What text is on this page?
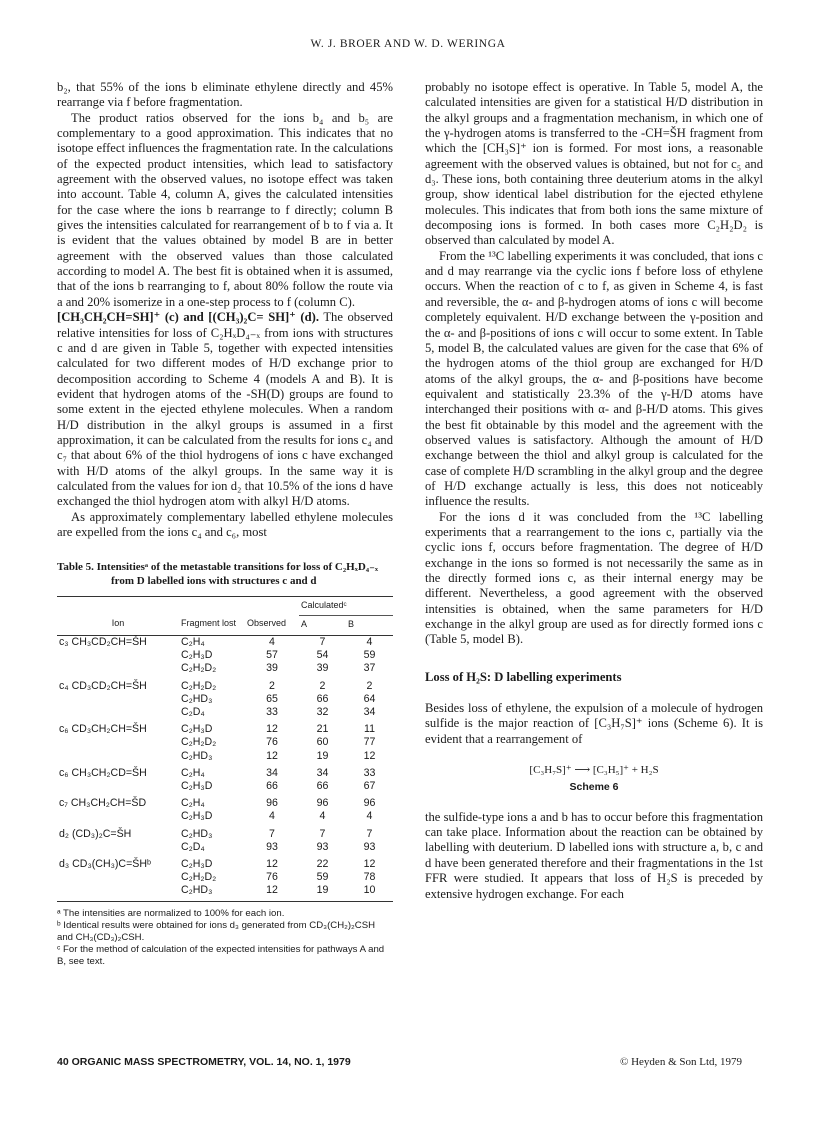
W. J. BROER AND W. D. WERINGA

b₂, that 55% of the ions b eliminate ethylene directly and 45% rearrange via f before fragmentation.

The product ratios observed for the ions b₄ and b₅ are complementary to a good approximation. This indicates that no isotope effect influences the fragmentation rate. In the calculations of the expected product intensities, which lead to satisfactory agreement with the observed values, no isotope effect was taken into account. Table 4, column A, gives the calculated intensities for the case where the ions b rearrange to f directly; column B gives the intensities calculated for rearrangement of b to f via a. It is evident that the values obtained by model B are in better agreement with the observed values than those calculated according to model A. The best fit is obtained when it is assumed, that of the ions b rearranging to f, about 80% follow the route via a and 20% isomerize in a one-step process to f (column C).

[CH₃CH₂CH=SH]⁺ (c) and [(CH₃)₂C= SH]⁺ (d). The observed relative intensities for loss of C₂HₓD₄₋ₓ from ions with structures c and d are given in Table 5, together with expected intensities calculated for two different modes of H/D exchange prior to decomposition according to Scheme 4 (models A and B). It is evident that hydrogen atoms of the -SH(D) groups are found to some extent in the ejected ethylene molecules. When a random H/D distribution in the alkyl groups is assumed in a first approximation, it can be calculated from the results for ions c₄ and c₇ that about 6% of the thiol hydrogens of ions c have exchanged with H/D atoms of the alkyl groups. In the same way it is calculated from the values for ion d₂ that 10.5% of the ions d have exchanged the thiol hydrogen atom with alkyl H/D atoms.

As approximately complementary labelled ethylene molecules are expelled from the ions c₄ and c₆, most

Table 5. Intensitiesᵃ of the metastable transitions for loss of C₂HₓD₄₋ₓ from D labelled ions with structures c and d
			Calculatedᶜ	
Ion	Fragment lost	Observed	A	B
c₃ CH₃CD₂CH=ŠH	C₂H₄	4	7	4
	C₂H₃D	57	54	59
	C₂H₂D₂	39	39	37
c₄ CD₃CD₂CH=ŠH	C₂H₂D₂	2	2	2
	C₂HD₃	65	66	64
	C₂D₄	33	32	34
c₆ CD₃CH₂CH=ŠH	C₂H₃D	12	21	11
	C₂H₂D₂	76	60	77
	C₂HD₃	12	19	12
c₆ CH₃CH₂CD=ŠH	C₂H₄	34	34	33
	C₂H₃D	66	66	67
c₇ CH₃CH₂CH=ŠD	C₂H₄	96	96	96
	C₂H₃D	4	4	4
d₂ (CD₃)₂C=ŠH	C₂HD₃	7	7	7
	C₂D₄	93	93	93
d₃ CD₃(CH₃)C=ŠHᵇ	C₂H₃D	12	22	12
	C₂H₂D₂	76	59	78
	C₂HD₃	12	19	10
ᵃ The intensities are normalized to 100% for each ion.
ᵇ Identical results were obtained for ions d₃ generated from CD₃(CH₂)₂CSH and CH₃(CD₃)₂CSH.
ᶜ For the method of calculation of the expected intensities for pathways A and B, see text.

probably no isotope effect is operative. In Table 5, model A, the calculated intensities are given for a statistical H/D distribution in the alkyl groups and a fragmentation mechanism, in which one of the γ-hydrogen atoms is transferred to the -CH=ŠH fragment from which the [CH₃S]⁺ ion is formed. For most ions, a reasonable agreement with the observed values is obtained, but not for c₅ and d₃. These ions, both containing three deuterium atoms in the alkyl group, show identical label distribution for the ejected ethylene molecules. This indicates that from both ions the same mixture of decomposing ions is formed. In both cases more C₂H₂D₂ is observed than calculated by model A.

From the ¹³C labelling experiments it was concluded, that ions c and d may rearrange via the cyclic ions f before loss of ethylene occurs. When the reaction of c to f, as given in Scheme 4, is fast and reversible, the α- and β-hydrogen atoms of ions c will become completely equivalent. H/D exchange between the γ-position and the α- and β-positions of ions c will occur to some extent. In Table 5, model B, the calculated values are given for the case that 6% of the hydrogen atoms of the thiol group are exchanged for H/D atoms of the alkyl groups, the α- and β-positions have become equivalent and statistically 23.3% of the γ-H/D atoms have interchanged their positions with α- and β-H/D atoms. This gives the best fit obtainable by this model and the agreement with the observed values is satisfactory. Although the amount of H/D exchange between the thiol and alkyl group is calculated for the case of complete H/D scrambling in the alkyl group and the degree of H/D exchange actually is less, this does not noticeably influence the results.

For the ions d it was concluded from the ¹³C labelling experiments that a rearrangement to the ions c, partially via the cyclic ions f, occurs before fragmentation. The degree of H/D exchange in the ions so formed is not necessarily the same as in the directly formed ions c, as their internal energy may be different. Nevertheless, a good agreement with the observed intensities is obtained, when the same parameters for H/D exchange in the alkyl group are used as for directly formed ions c (Table 5, model B).

Loss of H₂S: D labelling experiments

Besides loss of ethylene, the expulsion of a molecule of hydrogen sulfide is the major reaction of [C₃H₇S]⁺ ions (Scheme 6). It is evident that a rearrangement of

[C₃H₇S]⁺ ⟶ [C₃H₅]⁺ + H₂S
Scheme 6

the sulfide-type ions a and b has to occur before this fragmentation can take place. Information about the reaction can be obtained by labelling with deuterium. D labelled ions with structure a, b, c and d have been generated therefore and their fragmentations in the 1st FFR were studied. It appears that loss of H₂S is preceded by extensive hydrogen exchange. For each

40 ORGANIC MASS SPECTROMETRY, VOL. 14, NO. 1, 1979	© Heyden & Son Ltd, 1979
